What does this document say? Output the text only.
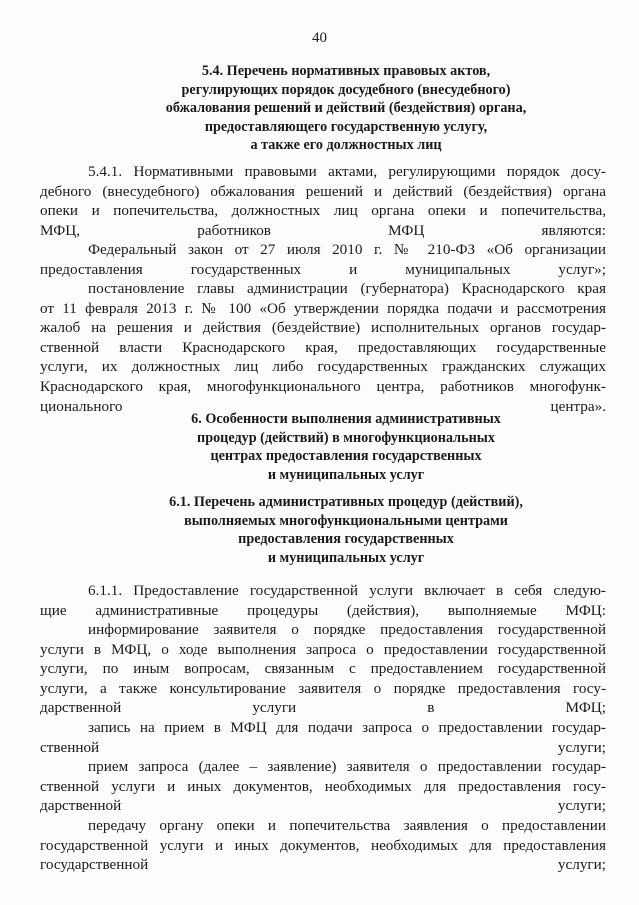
40
5.4. Перечень нормативных правовых актов,
регулирующих порядок досудебного (внесудебного)
обжалования решений и действий (бездействия) органа,
предоставляющего государственную услугу,
а также его должностных лиц
5.4.1. Нормативными правовыми актами, регулирующими порядок досу-
дебного (внесудебного) обжалования решений и действий (бездействия) органа
опеки и попечительства, должностных лиц органа опеки и попечительства,
МФЦ, работников МФЦ являются:
Федеральный закон от 27 июля 2010 г. № 210-ФЗ «Об организации
предоставления государственных и муниципальных услуг»;
постановление главы администрации (губернатора) Краснодарского края
от 11 февраля 2013 г. № 100 «Об утверждении порядка подачи и рассмотрения
жалоб на решения и действия (бездействие) исполнительных органов государ-
ственной власти Краснодарского края, предоставляющих государственные
услуги, их должностных лиц либо государственных гражданских служащих
Краснодарского края, многофункционального центра, работников многофунк-
ционального центра».
6. Особенности выполнения административных
процедур (действий) в многофункциональных
центрах предоставления государственных
и муниципальных услуг
6.1. Перечень административных процедур (действий),
выполняемых многофункциональными центрами
предоставления государственных
и муниципальных услуг
6.1.1. Предоставление государственной услуги включает в себя следую-
щие административные процедуры (действия), выполняемые МФЦ:
информирование заявителя о порядке предоставления государственной
услуги в МФЦ, о ходе выполнения запроса о предоставлении государственной
услуги, по иным вопросам, связанным с предоставлением государственной
услуги, а также консультирование заявителя о порядке предоставления госу-
дарственной услуги в МФЦ;
запись на прием в МФЦ для подачи запроса о предоставлении государ-
ственной услуги;
прием запроса (далее – заявление) заявителя о предоставлении государ-
ственной услуги и иных документов, необходимых для предоставления госу-
дарственной услуги;
передачу органу опеки и попечительства заявления о предоставлении
государственной услуги и иных документов, необходимых для предоставления
государственной услуги;
